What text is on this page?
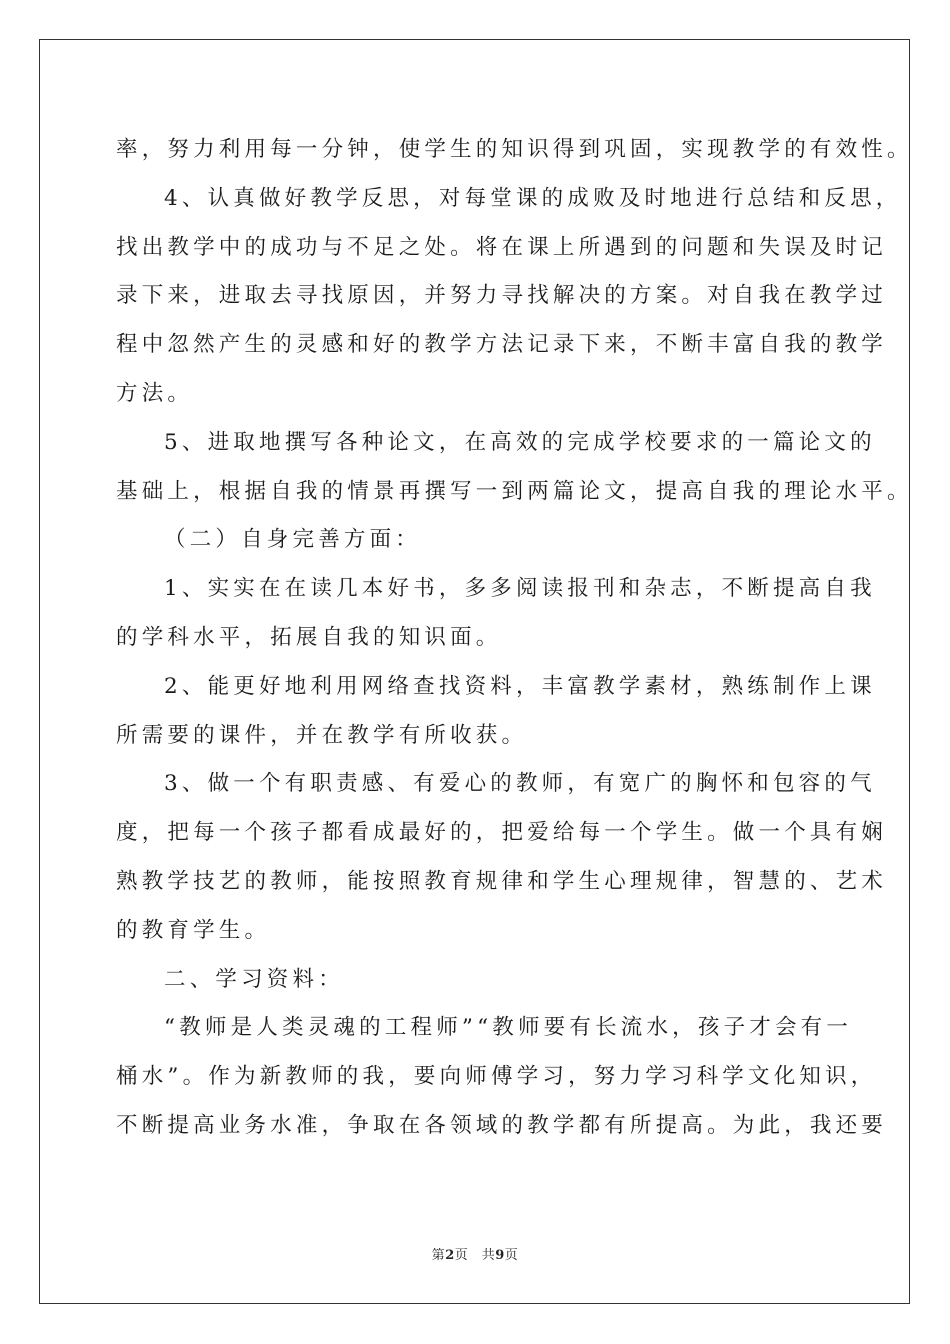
率，努力利用每一分钟，使学生的知识得到巩固，实现教学的有效性。

4、认真做好教学反思，对每堂课的成败及时地进行总结和反思，

找出教学中的成功与不足之处。将在课上所遇到的问题和失误及时记

录下来，进取去寻找原因，并努力寻找解决的方案。对自我在教学过

程中忽然产生的灵感和好的教学方法记录下来，不断丰富自我的教学

方法。

5、进取地撰写各种论文，在高效的完成学校要求的一篇论文的

基础上，根据自我的情景再撰写一到两篇论文，提高自我的理论水平。

（二）自身完善方面：

1、实实在在读几本好书，多多阅读报刊和杂志，不断提高自我

的学科水平，拓展自我的知识面。

2、能更好地利用网络查找资料，丰富教学素材，熟练制作上课

所需要的课件，并在教学有所收获。

3、做一个有职责感、有爱心的教师，有宽广的胸怀和包容的气

度，把每一个孩子都看成最好的，把爱给每一个学生。做一个具有娴

熟教学技艺的教师，能按照教育规律和学生心理规律，智慧的、艺术

的教育学生。

二、学习资料：

“教师是人类灵魂的工程师”“教师要有长流水，孩子才会有一

桶水”。作为新教师的我，要向师傅学习，努力学习科学文化知识，

不断提高业务水准，争取在各领域的教学都有所提高。为此，我还要

第2页　共9页
